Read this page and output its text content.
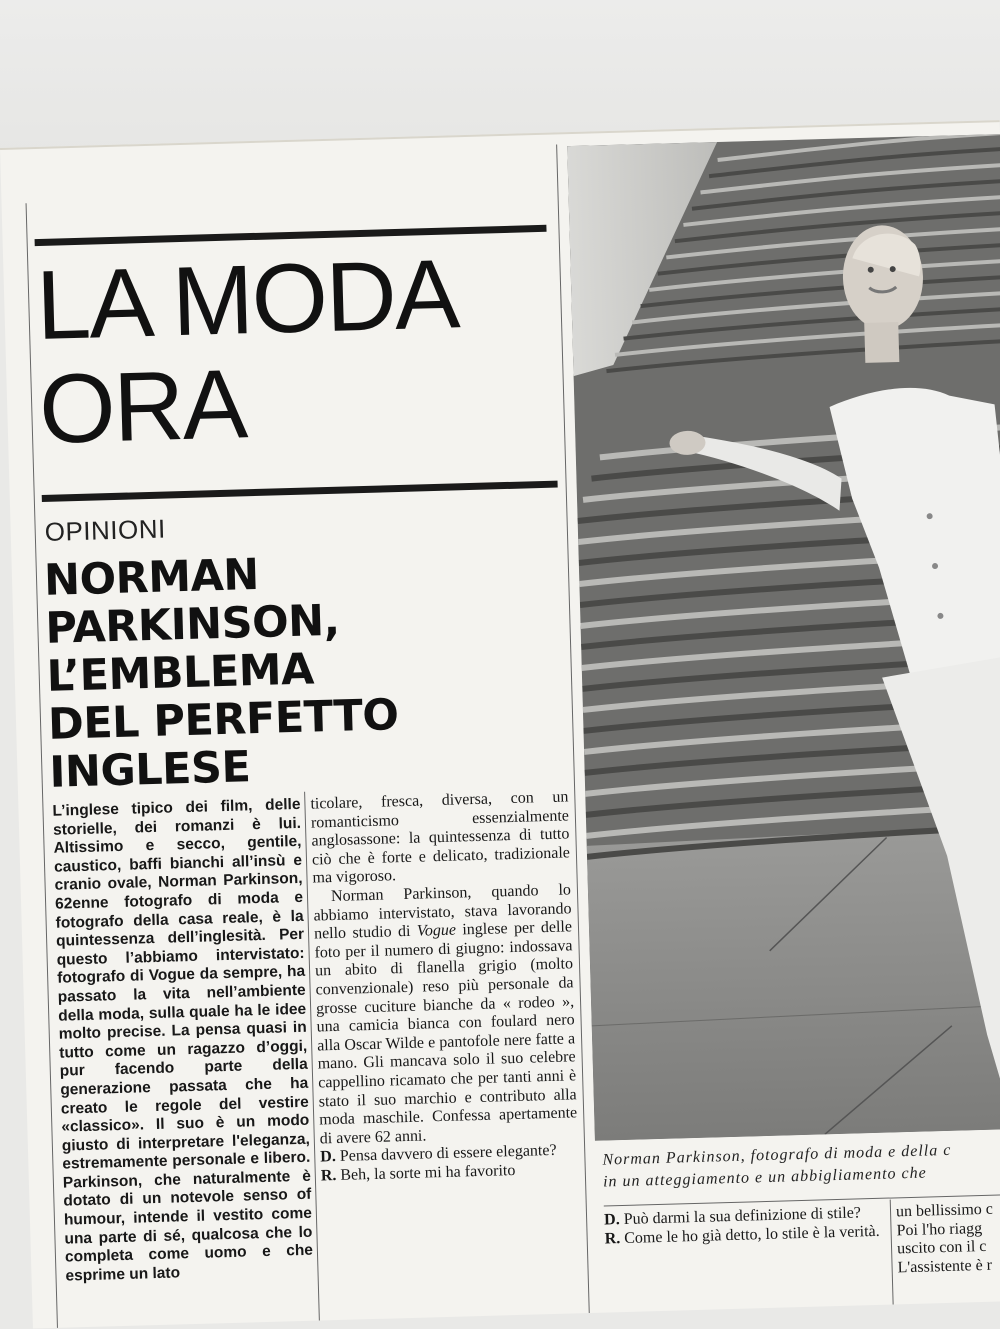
LA MODA
ORA
OPINIONI
NORMAN
PARKINSON,
L’EMBLEMA
DEL PERFETTO
INGLESE

L’inglese tipico dei film, delle storielle, dei romanzi è lui. Altissimo e secco, gentile, caustico, baffi bianchi all’insù e cranio ovale, Norman Parkinson, 62enne fotografo di moda e fotografo della casa reale, è la quintessenza dell’inglesità. Per questo l’abbiamo intervistato: fotografo di Vogue da sempre, ha passato la vita nell’ambiente della moda, sulla quale ha le idee molto precise. La pensa quasi in tutto come un ragazzo d’oggi, pur facendo parte della generazione passata che ha creato le regole del vestire «classico». Il suo è un modo giusto di interpretare l'eleganza, estremamente personale e libero. Parkinson, che naturalmente è dotato di un notevole senso of humour, intende il vestito come una parte di sé, qualcosa che lo completa come uomo e che esprime un lato

ticolare, fresca, diversa, con un romanticismo essenzialmente anglosassone: la quintessenza di tutto ciò che è forte e delicato, tradizionale ma vigoroso.

Norman Parkinson, quando lo abbiamo intervistato, stava lavorando nello studio di Vogue inglese per delle foto per il numero di giugno: indossava un abito di flanella grigio (molto convenzionale) reso più personale da grosse cuciture bianche da « rodeo », una camicia bianca con foulard nero alla Oscar Wilde e pantofole nere fatte a mano. Gli mancava solo il suo celebre cappellino ricamato che per tanti anni è stato il suo marchio e contributo alla moda maschile. Confessa apertamente di avere 62 anni.

D. Pensa davvero di essere elegante?

R. Beh, la sorte mi ha favorito

Norman Parkinson, fotografo di moda e della c

in un atteggiamento e un abbigliamento che

D. Può darmi la sua definizione di stile?

R. Come le ho già detto, lo stile è la verità.

un bellissimo c

Poi l'ho riagg

uscito con il c

L'assistente è r
